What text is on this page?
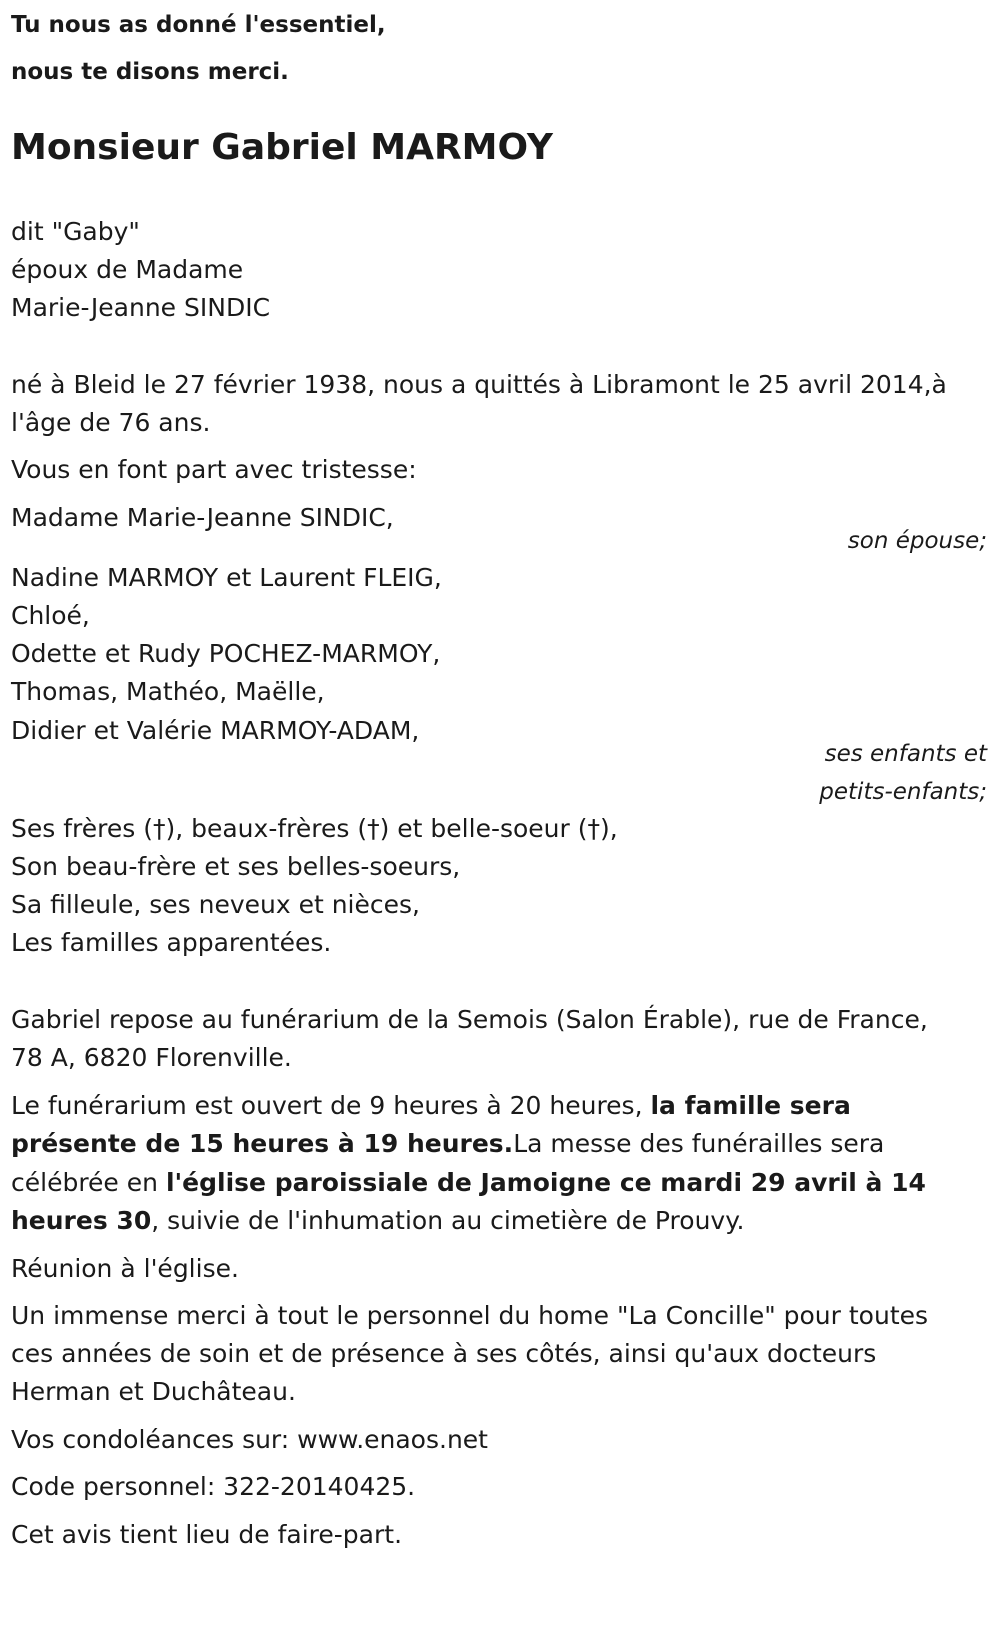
Tu nous as donné l'essentiel,
nous te disons merci.
Monsieur Gabriel MARMOY
dit "Gaby"
époux de Madame
Marie-Jeanne SINDIC
né à Bleid le 27 février 1938, nous a quittés à Libramont le 25 avril 2014,à
l'âge de 76 ans.
Vous en font part avec tristesse:
Madame Marie-Jeanne SINDIC,
son épouse;
Nadine MARMOY et Laurent FLEIG,
Chloé,
Odette et Rudy POCHEZ-MARMOY,
Thomas, Mathéo, Maëlle,
Didier et Valérie MARMOY-ADAM,
ses enfants et
petits-enfants;
Ses frères (†), beaux-frères (†) et belle-soeur (†),
Son beau-frère et ses belles-soeurs,
Sa filleule, ses neveux et nièces,
Les familles apparentées.
Gabriel repose au funérarium de la Semois (Salon Érable), rue de France,
78 A, 6820 Florenville.
Le funérarium est ouvert de 9 heures à 20 heures, la famille sera
présente de 15 heures à 19 heures.La messe des funérailles sera
célébrée en l'église paroissiale de Jamoigne ce mardi 29 avril à 14
heures 30, suivie de l'inhumation au cimetière de Prouvy.
Réunion à l'église.
Un immense merci à tout le personnel du home "La Concille" pour toutes
ces années de soin et de présence à ses côtés, ainsi qu'aux docteurs
Herman et Duchâteau.
Vos condoléances sur: www.enaos.net
Code personnel: 322-20140425.
Cet avis tient lieu de faire-part.
